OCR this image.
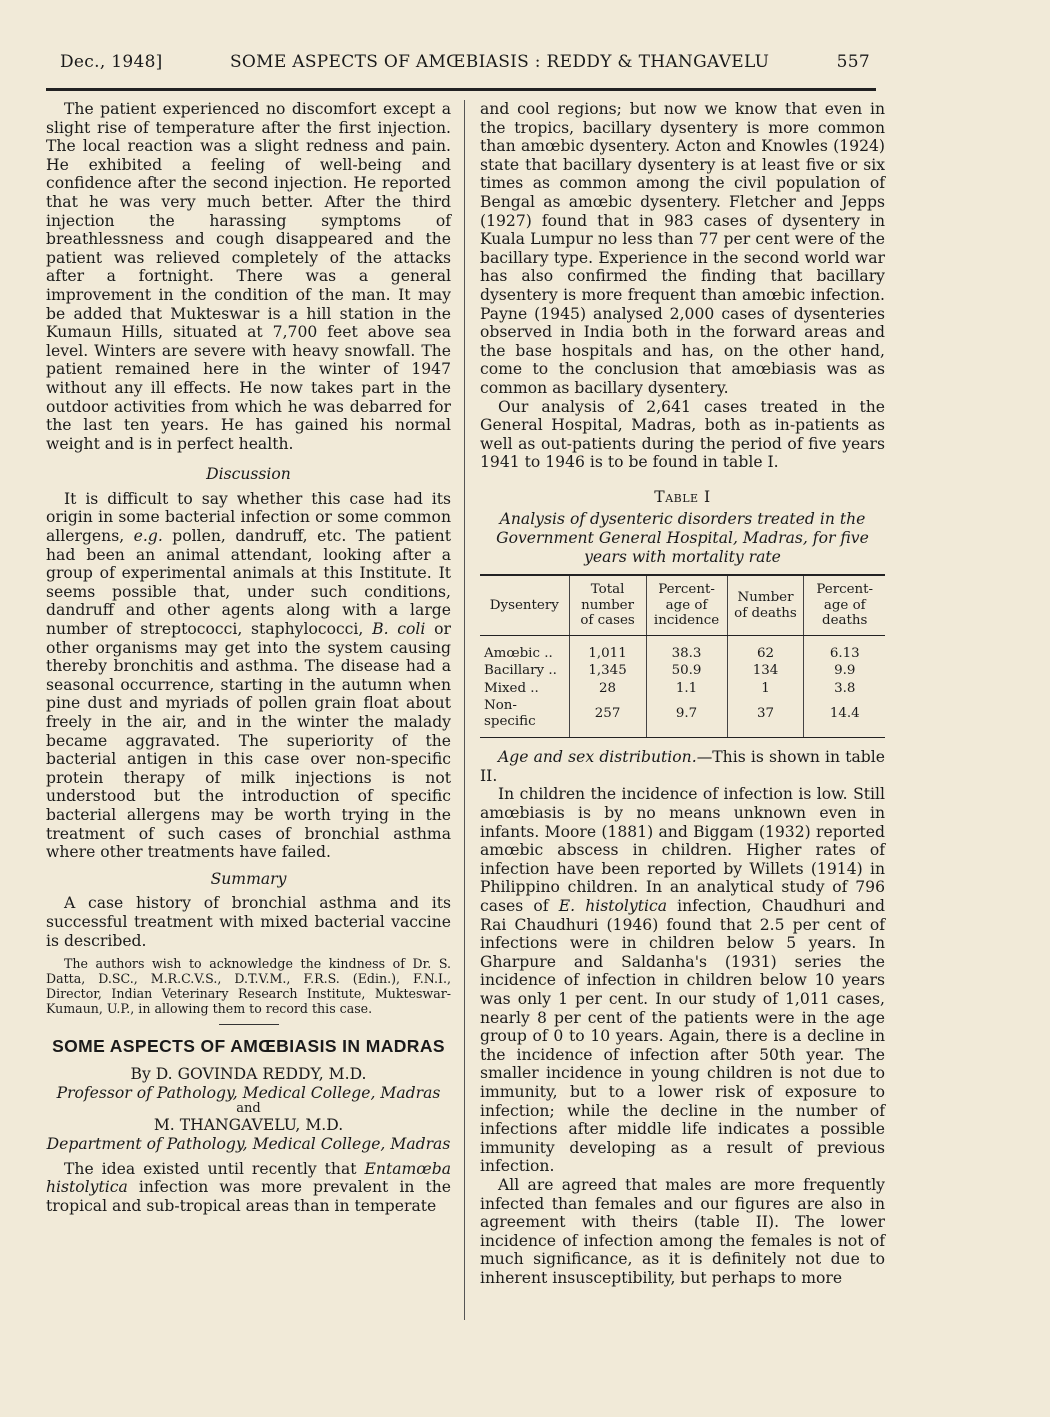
Dec., 1948]	SOME ASPECTS OF AMŒBIASIS : REDDY & THANGAVELU	557

The patient experienced no discomfort except a slight rise of temperature after the first injection. The local reaction was a slight redness and pain. He exhibited a feeling of well-being and confidence after the second injection. He reported that he was very much better. After the third injection the harassing symptoms of breathlessness and cough disappeared and the patient was relieved completely of the attacks after a fortnight. There was a general improvement in the condition of the man. It may be added that Mukteswar is a hill station in the Kumaun Hills, situated at 7,700 feet above sea level. Winters are severe with heavy snowfall. The patient remained here in the winter of 1947 without any ill effects. He now takes part in the outdoor activities from which he was debarred for the last ten years. He has gained his normal weight and is in perfect health.

Discussion

It is difficult to say whether this case had its origin in some bacterial infection or some common allergens, e.g. pollen, dandruff, etc. The patient had been an animal attendant, looking after a group of experimental animals at this Institute. It seems possible that, under such conditions, dandruff and other agents along with a large number of streptococci, staphylococci, B. coli or other organisms may get into the system causing thereby bronchitis and asthma. The disease had a seasonal occurrence, starting in the autumn when pine dust and myriads of pollen grain float about freely in the air, and in the winter the malady became aggravated. The superiority of the bacterial antigen in this case over non-specific protein therapy of milk injections is not understood but the introduction of specific bacterial allergens may be worth trying in the treatment of such cases of bronchial asthma where other treatments have failed.

Summary

A case history of bronchial asthma and its successful treatment with mixed bacterial vaccine is described.

The authors wish to acknowledge the kindness of Dr. S. Datta, D.SC., M.R.C.V.S., D.T.V.M., F.R.S. (Edin.), F.N.I., Director, Indian Veterinary Research Institute, Mukteswar-Kumaun, U.P., in allowing them to record this case.

SOME ASPECTS OF AMŒBIASIS IN MADRAS

By D. GOVINDA REDDY, M.D.

Professor of Pathology, Medical College, Madras

and

M. THANGAVELU, M.D.

Department of Pathology, Medical College, Madras

The idea existed until recently that Entamœba histolytica infection was more prevalent in the tropical and sub-tropical areas than in temperate

and cool regions; but now we know that even in the tropics, bacillary dysentery is more common than amœbic dysentery. Acton and Knowles (1924) state that bacillary dysentery is at least five or six times as common among the civil population of Bengal as amœbic dysentery. Fletcher and Jepps (1927) found that in 983 cases of dysentery in Kuala Lumpur no less than 77 per cent were of the bacillary type. Experience in the second world war has also confirmed the finding that bacillary dysentery is more frequent than amœbic infection. Payne (1945) analysed 2,000 cases of dysenteries observed in India both in the forward areas and the base hospitals and has, on the other hand, come to the conclusion that amœbiasis was as common as bacillary dysentery.

Our analysis of 2,641 cases treated in the General Hospital, Madras, both as in-patients as well as out-patients during the period of five years 1941 to 1946 is to be found in table I.

Table I
Analysis of dysenteric disorders treated in the Government General Hospital, Madras, for five years with mortality rate
Dysentery	Total number of cases	Percent-age of incidence	Number of deaths	Percent-age of deaths
Amœbic ..	1,011	38.3	62	6.13
Bacillary ..	1,345	50.9	134	9.9
Mixed ..	28	1.1	1	3.8
Non-specific	257	9.7	37	14.4

Age and sex distribution.—This is shown in table II.

In children the incidence of infection is low. Still amœbiasis is by no means unknown even in infants. Moore (1881) and Biggam (1932) reported amœbic abscess in children. Higher rates of infection have been reported by Willets (1914) in Philippino children. In an analytical study of 796 cases of E. histolytica infection, Chaudhuri and Rai Chaudhuri (1946) found that 2.5 per cent of infections were in children below 5 years. In Gharpure and Saldanha's (1931) series the incidence of infection in children below 10 years was only 1 per cent. In our study of 1,011 cases, nearly 8 per cent of the patients were in the age group of 0 to 10 years. Again, there is a decline in the incidence of infection after 50th year. The smaller incidence in young children is not due to immunity, but to a lower risk of exposure to infection; while the decline in the number of infections after middle life indicates a possible immunity developing as a result of previous infection.

All are agreed that males are more frequently infected than females and our figures are also in agreement with theirs (table II). The lower incidence of infection among the females is not of much significance, as it is definitely not due to inherent insusceptibility, but perhaps to more
